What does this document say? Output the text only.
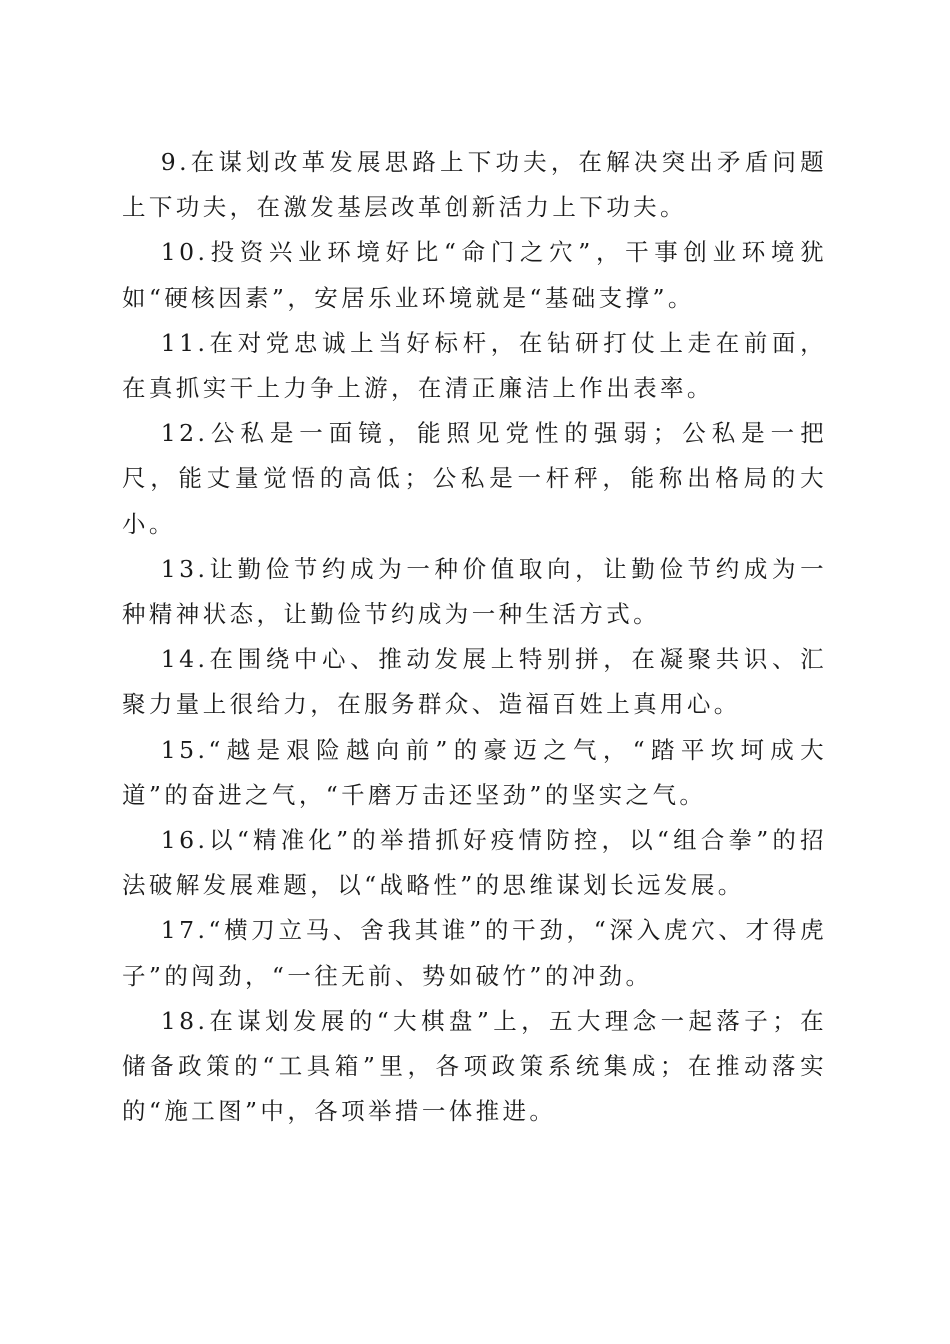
9.在谋划改革发展思路上下功夫，在解决突出矛盾问题上下功夫，在激发基层改革创新活力上下功夫。

10.投资兴业环境好比“命门之穴”，干事创业环境犹如“硬核因素”，安居乐业环境就是“基础支撑”。

11.在对党忠诚上当好标杆，在钻研打仗上走在前面，在真抓实干上力争上游，在清正廉洁上作出表率。

12.公私是一面镜，能照见党性的强弱；公私是一把尺，能丈量觉悟的高低；公私是一杆秤，能称出格局的大小。

13.让勤俭节约成为一种价值取向，让勤俭节约成为一种精神状态，让勤俭节约成为一种生活方式。

14.在围绕中心、推动发展上特别拼，在凝聚共识、汇聚力量上很给力，在服务群众、造福百姓上真用心。

15.“越是艰险越向前”的豪迈之气，“踏平坎坷成大道”的奋进之气，“千磨万击还坚劲”的坚实之气。

16.以“精准化”的举措抓好疫情防控，以“组合拳”的招法破解发展难题，以“战略性”的思维谋划长远发展。

17.“横刀立马、舍我其谁”的干劲，“深入虎穴、才得虎子”的闯劲，“一往无前、势如破竹”的冲劲。

18.在谋划发展的“大棋盘”上，五大理念一起落子；在储备政策的“工具箱”里，各项政策系统集成；在推动落实的“施工图”中，各项举措一体推进。
